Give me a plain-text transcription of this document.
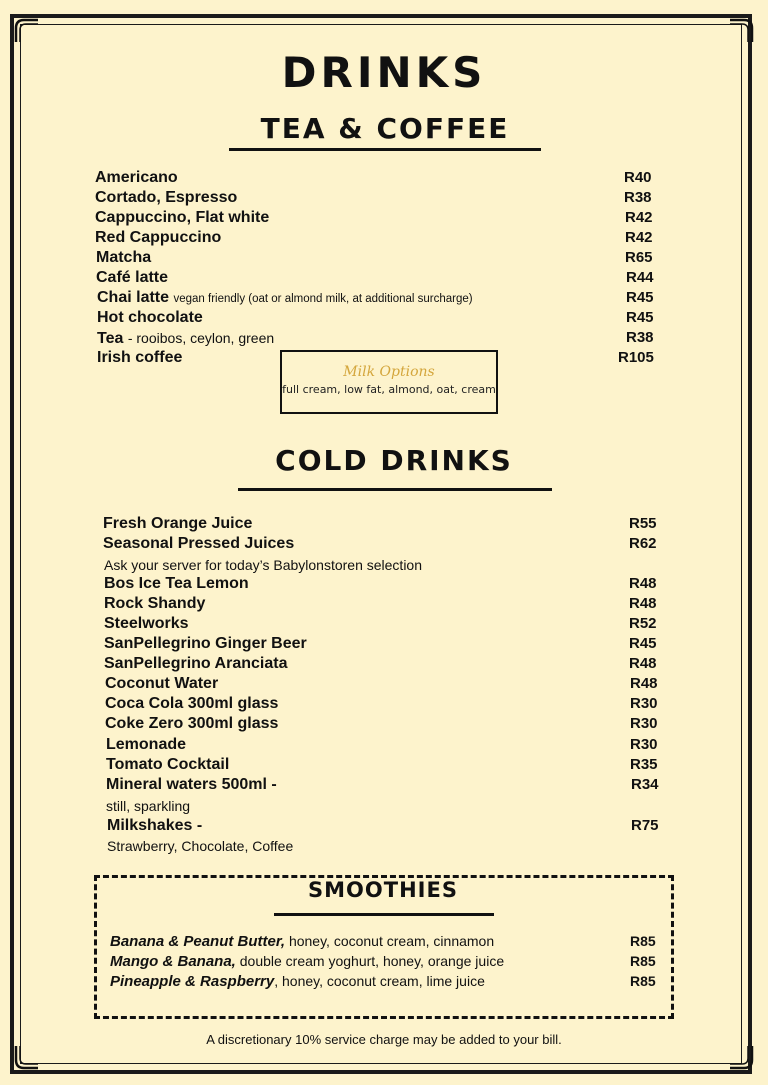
DRINKS
TEA & COFFEE
Americano	R40
Cortado, Espresso	R38
Cappuccino, Flat white	R42
Red Cappuccino	R42
Matcha	R65
Café latte	R44
Chai latte vegan friendly (oat or almond milk, at additional surcharge)	R45
Hot chocolate	R45
Tea - rooibos, ceylon, green	R38
Irish coffee	R105
Milk Options
full cream, low fat, almond, oat, cream
COLD DRINKS
Fresh Orange Juice	R55
Seasonal Pressed Juices	R62
Ask your server for today’s Babylonstoren selection
Bos Ice Tea Lemon	R48
Rock Shandy	R48
Steelworks	R52
SanPellegrino Ginger Beer	R45
SanPellegrino Aranciata	R48
Coconut Water	R48
Coca Cola 300ml glass	R30
Coke Zero 300ml glass	R30
Lemonade	R30
Tomato Cocktail	R35
Mineral waters 500ml -	R34
still, sparkling
Milkshakes -	R75
Strawberry, Chocolate, Coffee
SMOOTHIES
Banana & Peanut Butter, honey, coconut cream, cinnamon	R85
Mango & Banana, double cream yoghurt, honey, orange juice	R85
Pineapple & Raspberry, honey, coconut cream, lime juice	R85
A discretionary 10% service charge may be added to your bill.
